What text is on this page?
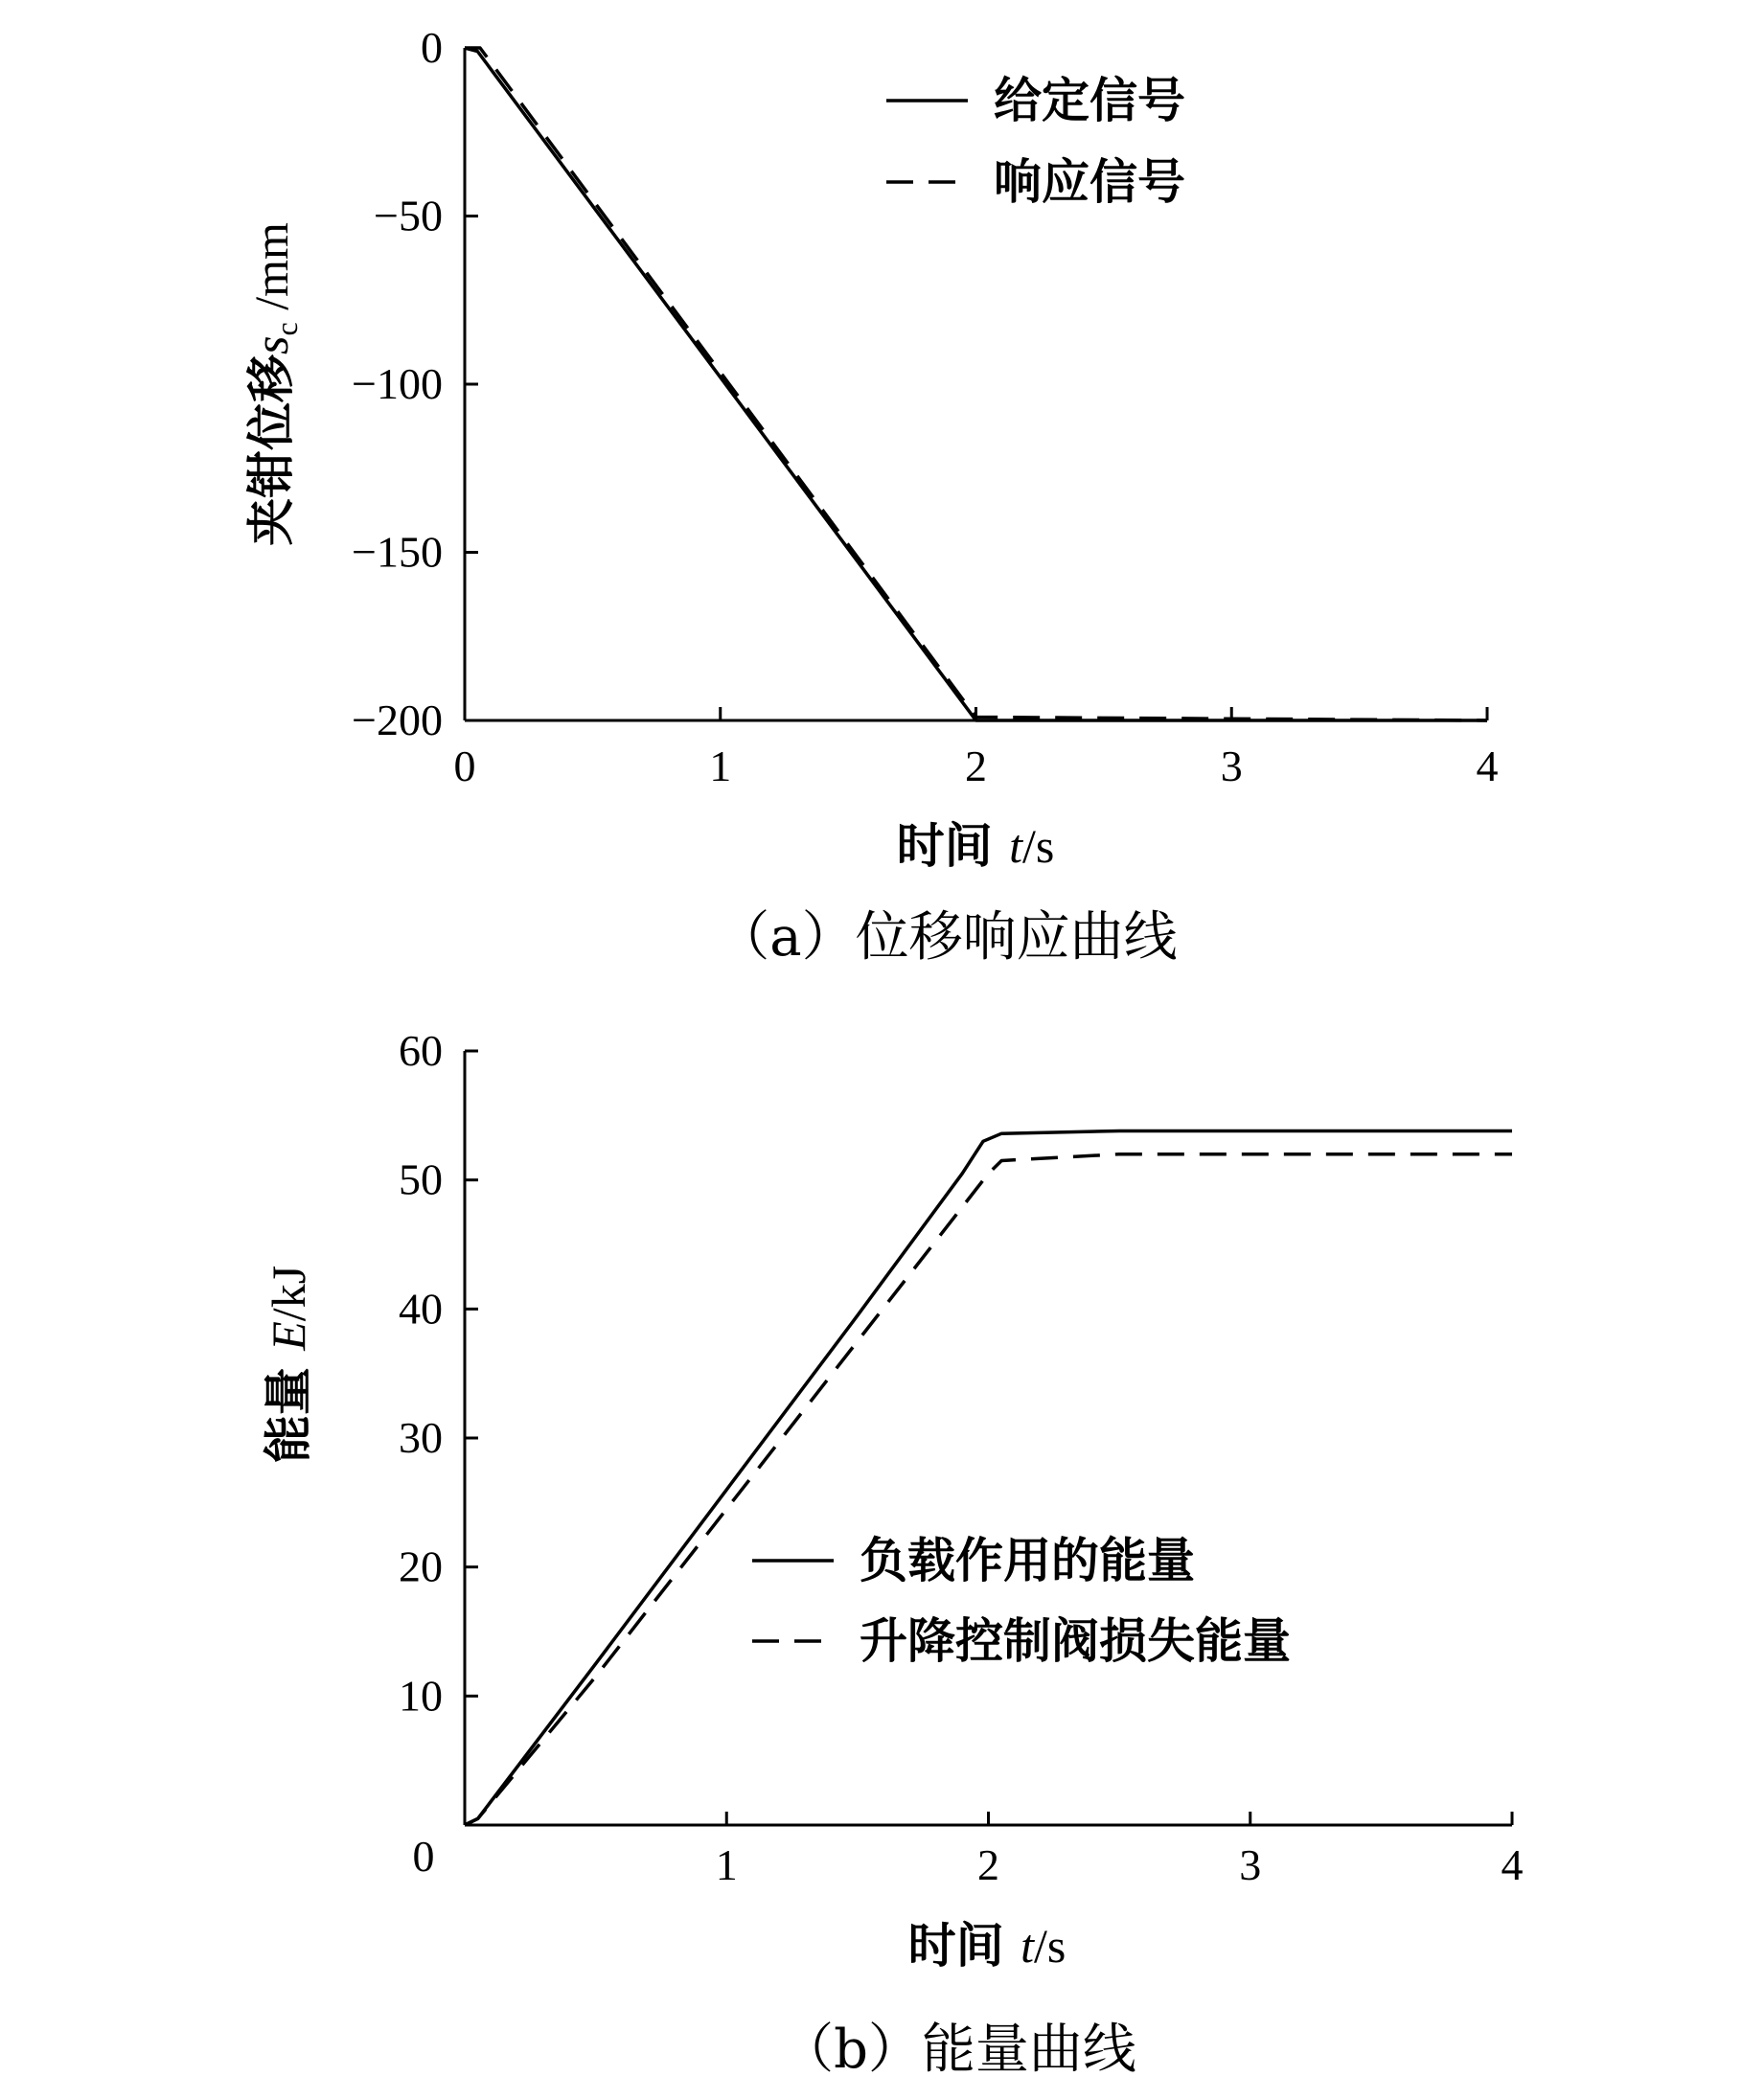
0
−50
−100
−150
−200
0	1	2	3	4
给定信号
响应信号
时间 t/s
夹钳位移$s_c$ /mm
（a）位移响应曲线
10
20
30
40
50
60
1	2	3	4
0
负载作用的能量
升降控制阀损失能量
时间 t/s
能量 E/kJ
（b）能量曲线
